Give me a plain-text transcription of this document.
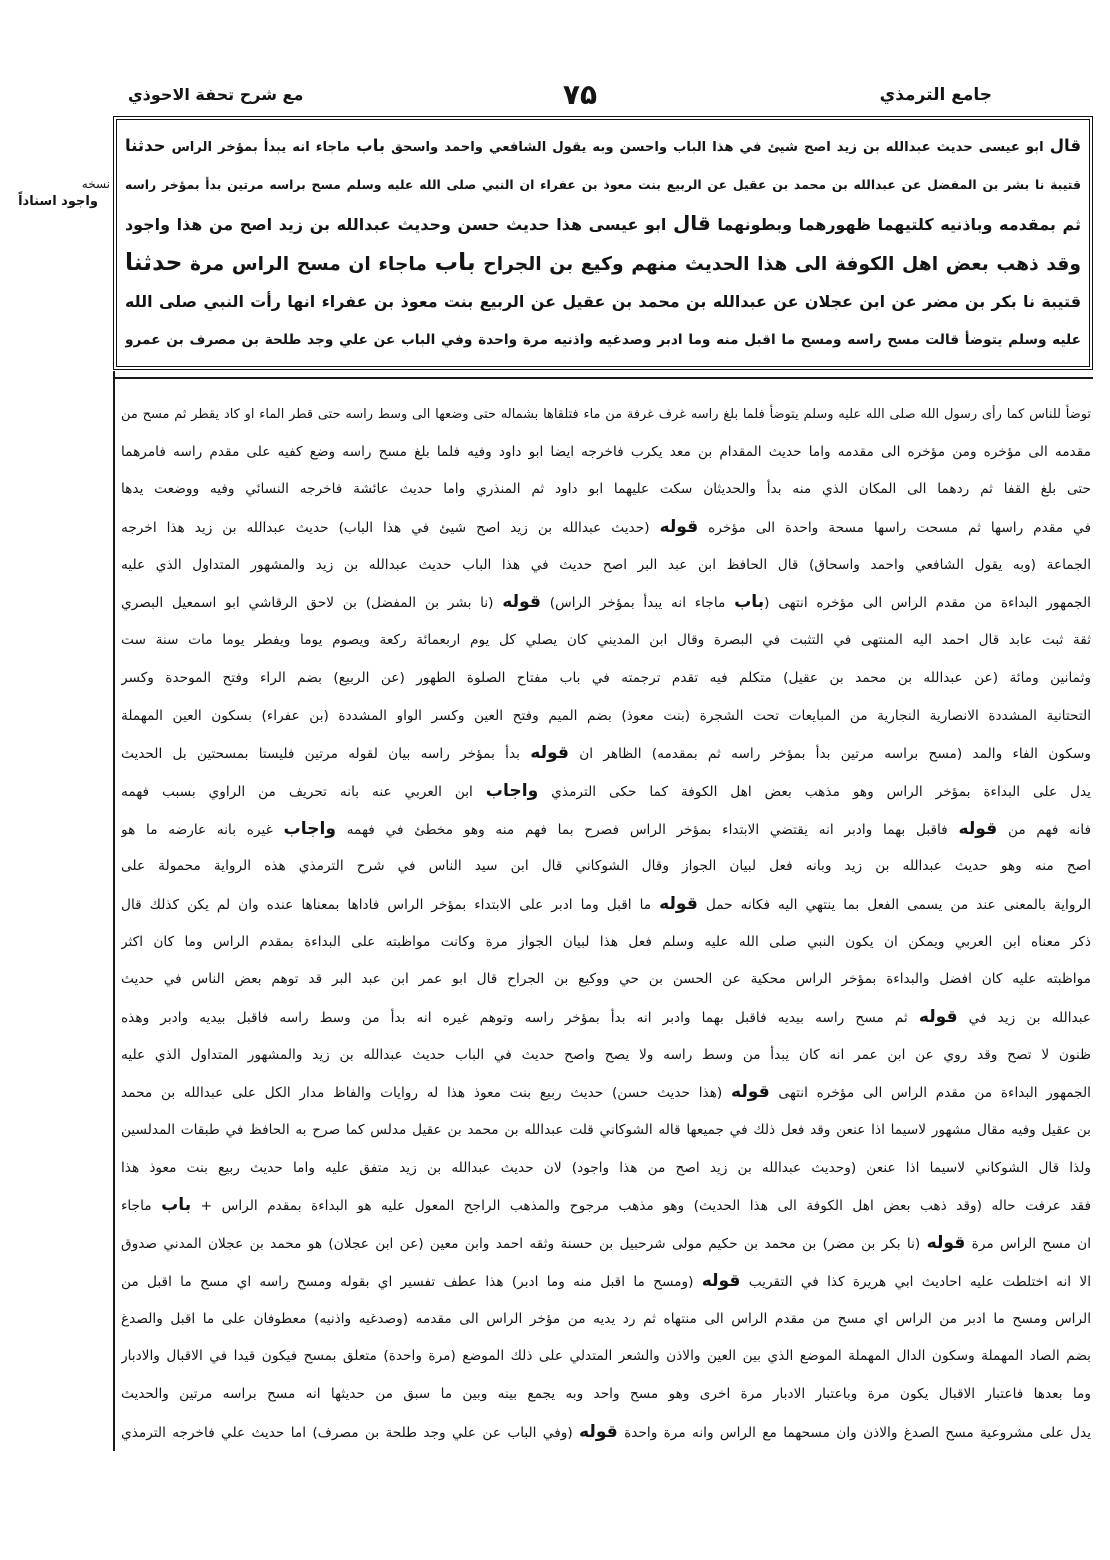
جامع الترمذي
۷۵
مع شرح تحفة الاحوذي
نسخه
واجود اسناداً
قال ابو عيسى حديث عبدالله بن زيد اصح شيئ في هذا الباب واحسن وبه يقول الشافعي واحمد واسحق باب ماجاء انه يبدأ بمؤخر الراس حدثنا
قتيبة نا بشر بن المفضل عن عبدالله بن محمد بن عقيل عن الربيع بنت معوذ بن عفراء ان النبي صلى الله عليه وسلم مسح براسه مرتين بدأ بمؤخر راسه
ثم بمقدمه وباذنيه كلتيهما ظهورهما وبطونهما قال ابو عيسى هذا حديث حسن وحديث عبدالله بن زيد اصح من هذا واجود
وقد ذهب بعض اهل الكوفة الى هذا الحديث منهم وكيع بن الجراح باب ماجاء ان مسح الراس مرة حدثنا
قتيبة نا بكر بن مضر عن ابن عجلان عن عبدالله بن محمد بن عقيل عن الربيع بنت معوذ بن عفراء انها رأت النبي صلى الله
عليه وسلم يتوضأ قالت مسح راسه ومسح ما اقبل منه وما ادبر وصدغيه واذنيه مرة واحدة وفي الباب عن علي وجد طلحة بن مصرف بن عمرو
توضأ للناس كما رأى رسول الله صلى الله عليه وسلم يتوضأ فلما بلغ راسه غرف غرفة من ماء فتلقاها بشماله حتى وضعها الى وسط راسه حتى قطر الماء او كاد يقطر ثم مسح من
مقدمه الى مؤخره ومن مؤخره الى مقدمه واما حديث المقدام بن معد يكرب فاخرجه ايضا ابو داود وفيه فلما بلغ مسح راسه وضع كفيه على مقدم راسه فامرهما
حتى بلغ القفا ثم ردهما الى المكان الذي منه بدأ والحديثان سكت عليهما ابو داود ثم المنذري واما حديث عائشة فاخرجه النسائي وفيه ووضعت يدها
في مقدم راسها ثم مسحت راسها مسحة واحدة الى مؤخره قوله (حديث عبدالله بن زيد اصح شيئ في هذا الباب) حديث عبدالله بن زيد هذا اخرجه
الجماعة (وبه يقول الشافعي واحمد واسحاق) قال الحافظ ابن عبد البر اصح حديث في هذا الباب حديث عبدالله بن زيد والمشهور المتداول الذي عليه
الجمهور البداءة من مقدم الراس الى مؤخره انتهى (باب ماجاء انه يبدأ بمؤخر الراس) قوله (نا بشر بن المفضل) بن لاحق الرقاشي ابو اسمعيل البصري
ثقة ثبت عابد قال احمد اليه المنتهى في التثبت في البصرة وقال ابن المديني كان يصلي كل يوم اربعمائة ركعة ويصوم يوما ويفطر يوما مات سنة ست
وثمانين ومائة (عن عبدالله بن محمد بن عقيل) متكلم فيه تقدم ترجمته في باب مفتاح الصلوة الطهور (عن الربيع) بضم الراء وفتح الموحدة وكسر
التحتانية المشددة الانصارية النجارية من المبايعات تحت الشجرة (بنت معوذ) بضم الميم وفتح العين وكسر الواو المشددة (بن عفراء) بسكون العين المهملة
وسكون الفاء والمد (مسح براسه مرتين بدأ بمؤخر راسه ثم بمقدمه) الظاهر ان قوله بدأ بمؤخر راسه بيان لقوله مرتين فليستا بمسحتين بل الحديث
يدل على البداءة بمؤخر الراس وهو مذهب بعض اهل الكوفة كما حكى الترمذي واجاب ابن العربي عنه بانه تحريف من الراوي بسبب فهمه
فانه فهم من قوله فاقبل بهما وادبر انه يقتضي الابتداء بمؤخر الراس فصرح بما فهم منه وهو مخطئ في فهمه واجاب غيره بانه عارضه ما هو
اصح منه وهو حديث عبدالله بن زيد وبانه فعل لبيان الجواز وقال الشوكاني قال ابن سيد الناس في شرح الترمذي هذه الرواية محمولة على
الرواية بالمعنى عند من يسمى الفعل بما ينتهي اليه فكانه حمل قوله ما اقبل وما ادبر على الابتداء بمؤخر الراس فاداها بمعناها عنده وان لم يكن كذلك قال
ذكر معناه ابن العربي ويمكن ان يكون النبي صلى الله عليه وسلم فعل هذا لبيان الجواز مرة وكانت مواظبته على البداءة بمقدم الراس وما كان اكثر
مواظبته عليه كان افضل والبداءة بمؤخر الراس محكية عن الحسن بن حي ووكيع بن الجراح قال ابو عمر ابن عبد البر قد توهم بعض الناس في حديث
عبدالله بن زيد في قوله ثم مسح راسه بيديه فاقبل بهما وادبر انه بدأ بمؤخر راسه وتوهم غيره انه بدأ من وسط راسه فاقبل بيديه وادبر وهذه
ظنون لا تصح وقد روي عن ابن عمر انه كان يبدأ من وسط راسه ولا يصح واصح حديث في الباب حديث عبدالله بن زيد والمشهور المتداول الذي عليه
الجمهور البداءة من مقدم الراس الى مؤخره انتهى قوله (هذا حديث حسن) حديث ربيع بنت معوذ هذا له روايات والفاظ مدار الكل على عبدالله بن محمد
بن عقيل وفيه مقال مشهور لاسيما اذا عنعن وقد فعل ذلك في جميعها قاله الشوكاني قلت عبدالله بن محمد بن عقيل مدلس كما صرح به الحافظ في طبقات المدلسين
ولذا قال الشوكاني لاسيما اذا عنعن (وحديث عبدالله بن زيد اصح من هذا واجود) لان حديث عبدالله بن زيد متفق عليه واما حديث ربيع بنت معوذ هذا
فقد عرفت حاله (وقد ذهب بعض اهل الكوفة الى هذا الحديث) وهو مذهب مرجوح والمذهب الراجح المعول عليه هو البداءة بمقدم الراس + باب ماجاء
ان مسح الراس مرة قوله (نا بكر بن مضر) بن محمد بن حكيم مولى شرحبيل بن حسنة وثقه احمد وابن معين (عن ابن عجلان) هو محمد بن عجلان المدني صدوق
الا انه اختلطت عليه احاديث ابي هريرة كذا في التقريب قوله (ومسح ما اقبل منه وما ادبر) هذا عطف تفسير اي بقوله ومسح راسه اي مسح ما اقبل من
الراس ومسح ما ادبر من الراس اي مسح من مقدم الراس الى منتهاه ثم رد يديه من مؤخر الراس الى مقدمه (وصدغيه واذنيه) معطوفان على ما اقبل والصدغ
بضم الصاد المهملة وسكون الدال المهملة الموضع الذي بين العين والاذن والشعر المتدلي على ذلك الموضع (مرة واحدة) متعلق بمسح فيكون قيدا في الاقبال والادبار
وما بعدها فاعتبار الاقبال يكون مرة وباعتبار الادبار مرة اخرى وهو مسح واحد وبه يجمع بينه وبين ما سبق من حديثها انه مسح براسه مرتين والحديث
يدل على مشروعية مسح الصدغ والاذن وان مسحهما مع الراس وانه مرة واحدة قوله (وفي الباب عن علي وجد طلحة بن مصرف) اما حديث علي فاخرجه الترمذي
